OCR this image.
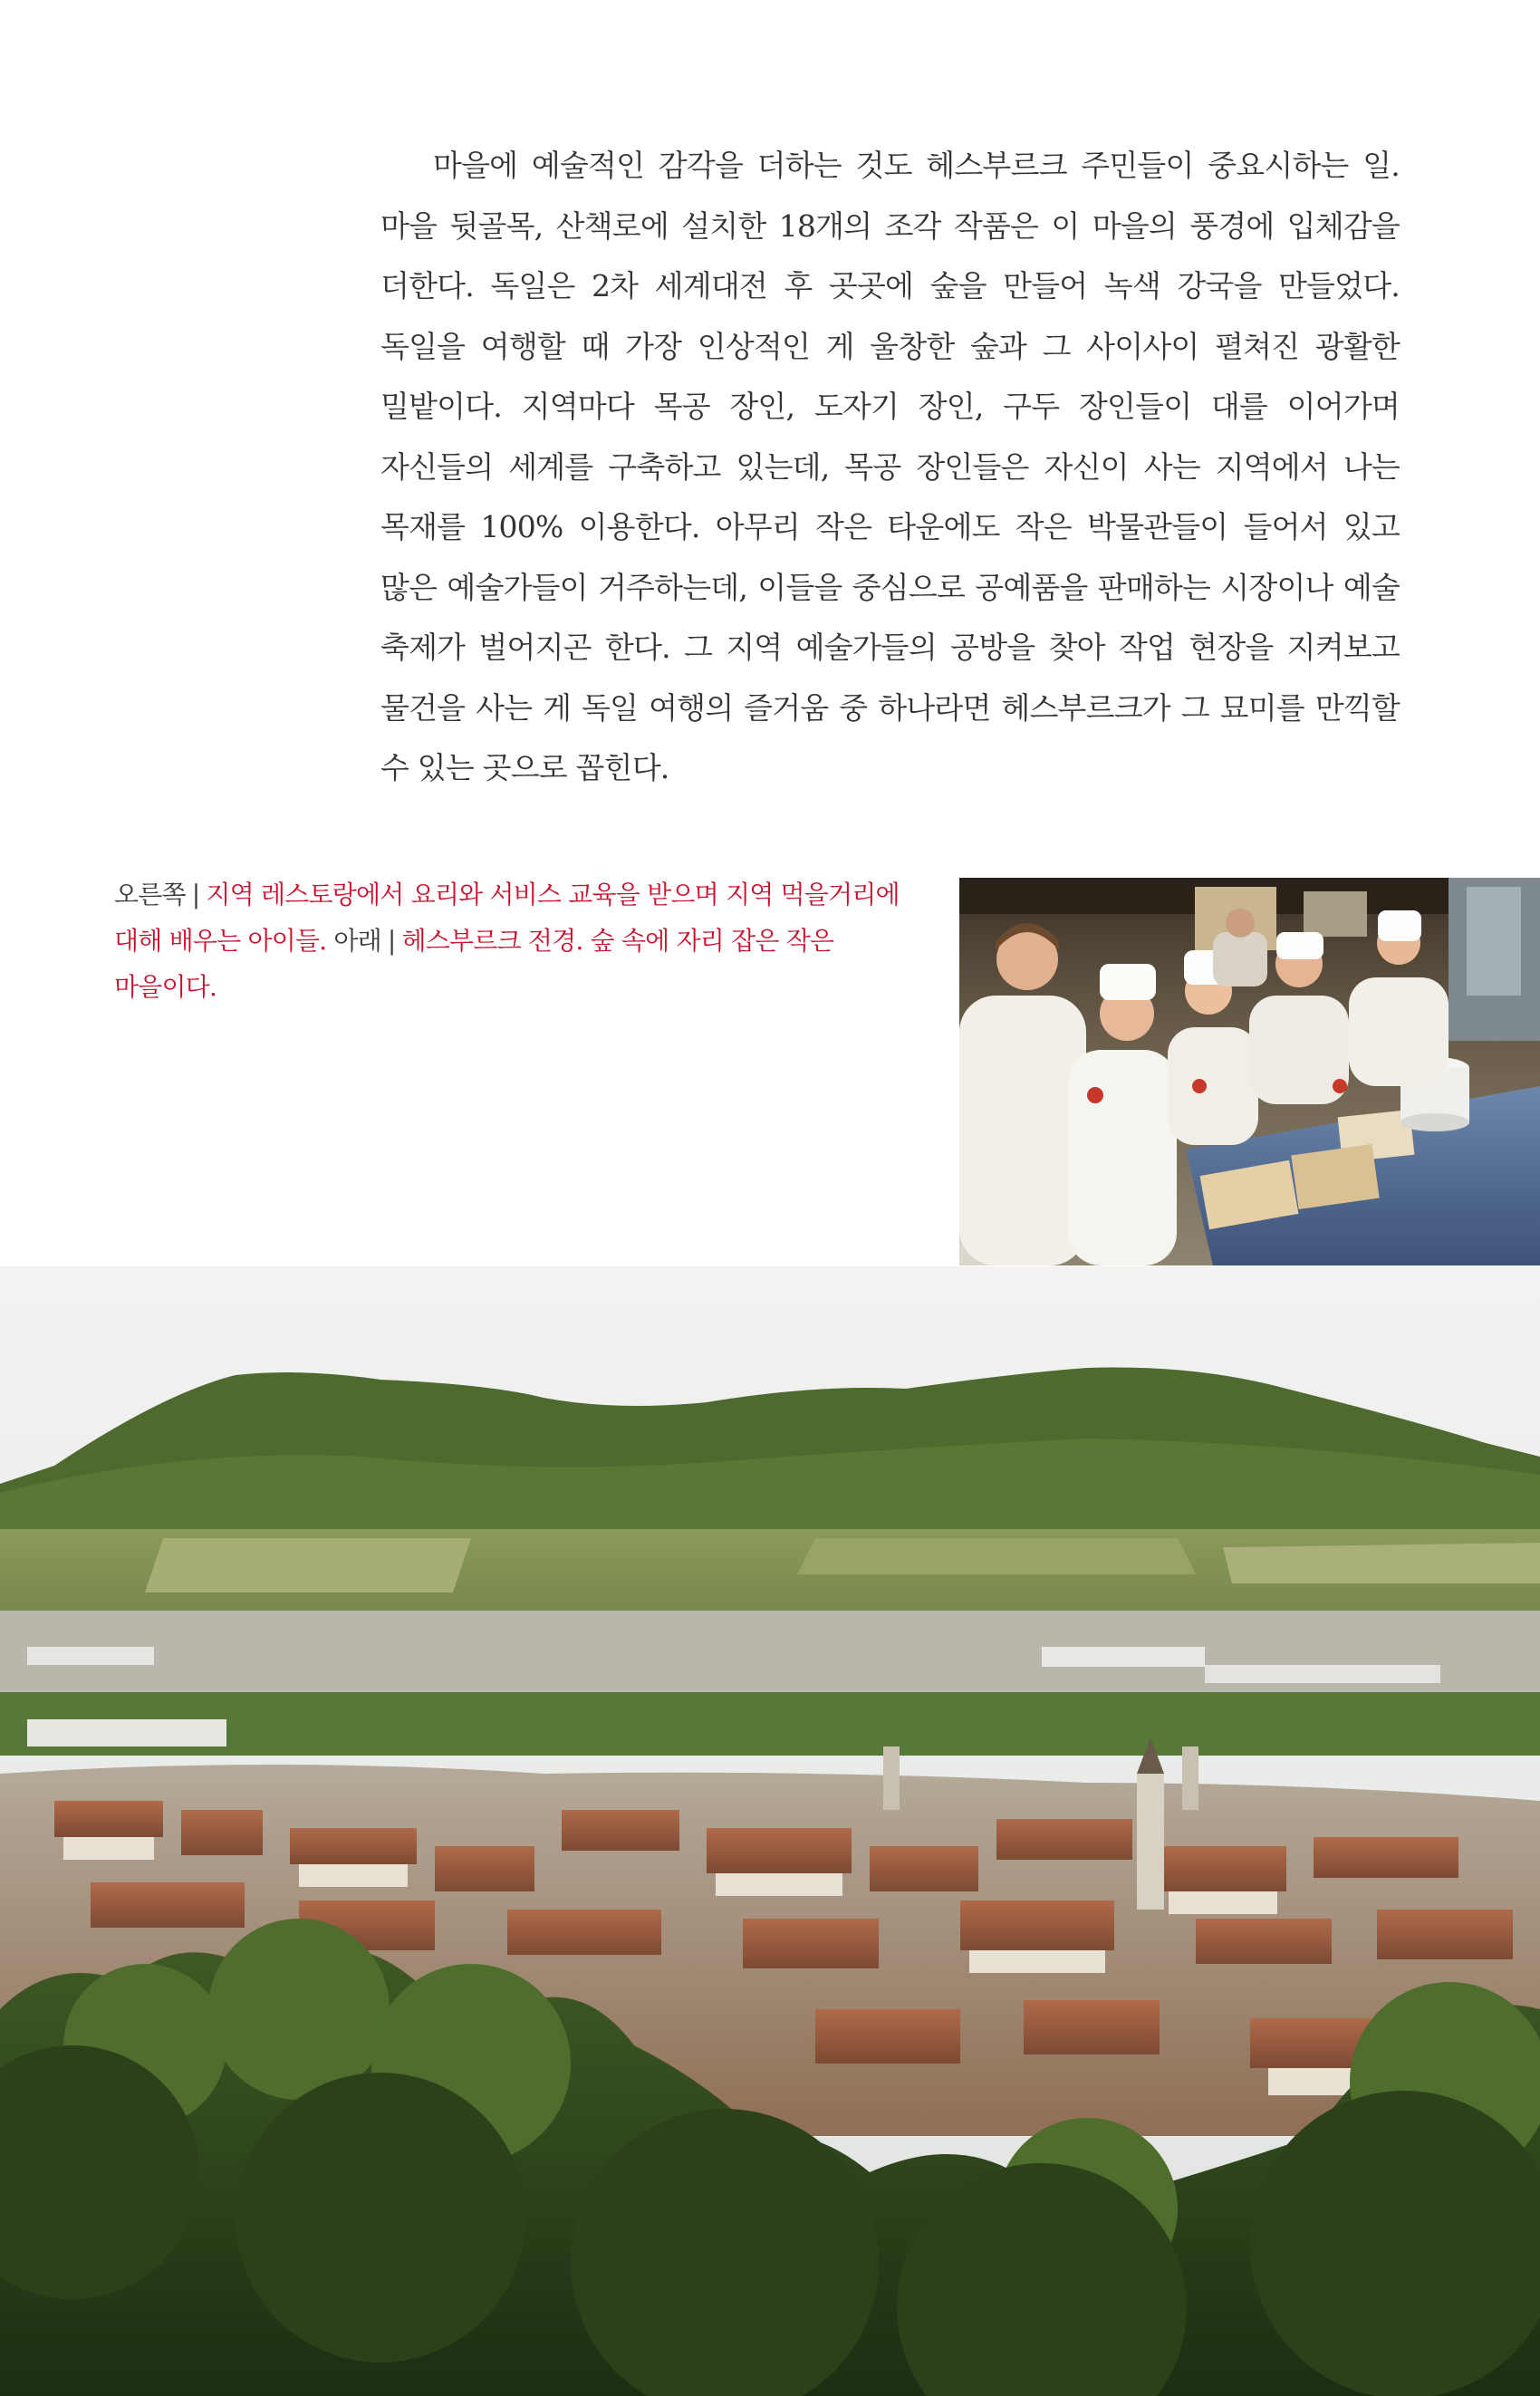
마을에 예술적인 감각을 더하는 것도 헤스부르크 주민들이 중요시하는 일. 마을 뒷골목, 산책로에 설치한 18개의 조각 작품은 이 마을의 풍경에 입체감을 더한다. 독일은 2차 세계대전 후 곳곳에 숲을 만들어 녹색 강국을 만들었다. 독일을 여행할 때 가장 인상적인 게 울창한 숲과 그 사이사이 펼쳐진 광활한 밀밭이다. 지역마다 목공 장인, 도자기 장인, 구두 장인들이 대를 이어가며 자신들의 세계를 구축하고 있는데, 목공 장인들은 자신이 사는 지역에서 나는 목재를 100% 이용한다. 아무리 작은 타운에도 작은 박물관들이 들어서 있고 많은 예술가들이 거주하는데, 이들을 중심으로 공예품을 판매하는 시장이나 예술 축제가 벌어지곤 한다. 그 지역 예술가들의 공방을 찾아 작업 현장을 지켜보고 물건을 사는 게 독일 여행의 즐거움 중 하나라면 헤스부르크가 그 묘미를 만끽할 수 있는 곳으로 꼽힌다.

오른쪽 | 지역 레스토랑에서 요리와 서비스 교육을 받으며 지역 먹을거리에 대해 배우는 아이들. 아래 | 헤스부르크 전경. 숲 속에 자리 잡은 작은 마을이다.
